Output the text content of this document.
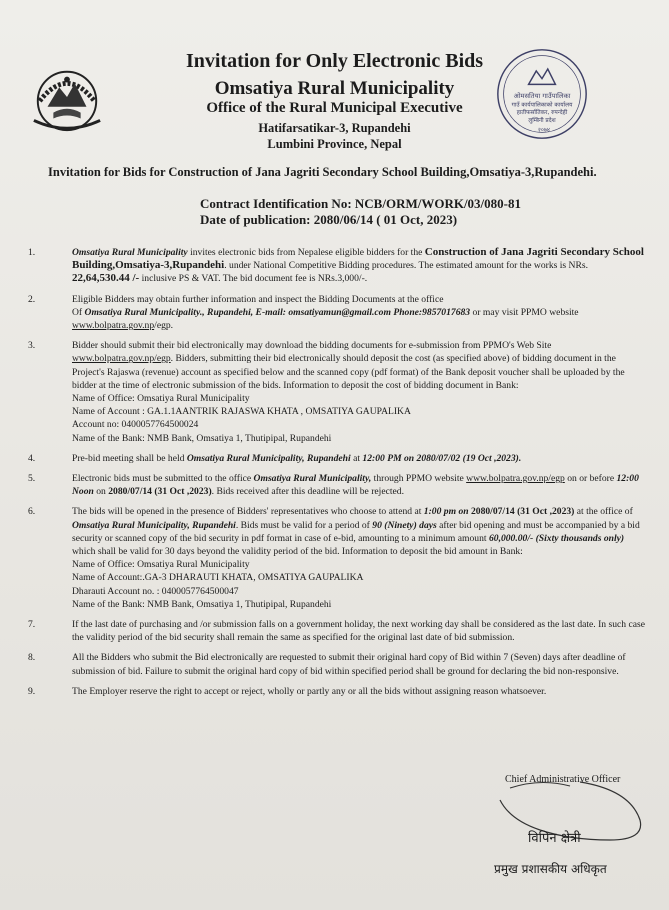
Invitation for Only Electronic Bids
Omsatiya Rural Municipality
Office of the Rural Municipal Executive
Hatifarsatikar-3, Rupandehi
Lumbini Province, Nepal
ओमसतिया गाउँपालिका
गाउँ कार्यपालिकाको कार्यालय
हातीफर्सातिकर, रुपन्देही
लुम्बिनी प्रदेश
२०७४
Invitation for Bids for Construction of Jana Jagriti Secondary School Building,Omsatiya-3,Rupandehi.
Contract Identification No: NCB/ORM/WORK/03/080-81
Date of publication: 2080/06/14 ( 01 Oct, 2023)
1.	Omsatiya Rural Municipality invites electronic bids from Nepalese eligible bidders for the Construction of Jana Jagriti Secondary School Building,Omsatiya-3,Rupandehi. under National Competitive Bidding procedures. The estimated amount for the works is NRs. 22,64,530.44 /- inclusive PS & VAT. The bid document fee is NRs.3,000/-.

2.	Eligible Bidders may obtain further information and inspect the Bidding Documents at the office

Of Omsatiya Rural Municipality., Rupandehi, E-mail: omsatiyamun@gmail.com Phone:9857017683 or may visit PPMO website

www.bolpatra.gov.np/egp.

3.	Bidder should submit their bid electronically may download the bidding documents for e-submission from PPMO's Web Site www.bolpatra.gov.np/egp. Bidders, submitting their bid electronically should deposit the cost (as specified above) of bidding document in the Project's Rajaswa (revenue) account as specified below and the scanned copy (pdf format) of the Bank deposit voucher shall be uploaded by the bidder at the time of electronic submission of the bids. Information to deposit the cost of bidding document in Bank:

Name of Office: Omsatiya Rural Municipality

Name of Account : GA.1.1AANTRIK RAJASWA KHATA , OMSATIYA GAUPALIKA

Account no: 0400057764500024

Name of the Bank: NMB Bank, Omsatiya 1, Thutipipal, Rupandehi

4.	Pre-bid meeting shall be held Omsatiya Rural Municipality, Rupandehi at 12:00 PM on 2080/07/02 (19 Oct ,2023).

5.	Electronic bids must be submitted to the office Omsatiya Rural Municipality, through PPMO website www.bolpatra.gov.np/egp on or before 12:00 Noon on 2080/07/14 (31 Oct ,2023). Bids received after this deadline will be rejected.

6.	The bids will be opened in the presence of Bidders' representatives who choose to attend at 1:00 pm on 2080/07/14 (31 Oct ,2023) at the office of Omsatiya Rural Municipality, Rupandehi. Bids must be valid for a period of 90 (Ninety) days after bid opening and must be accompanied by a bid security or scanned copy of the bid security in pdf format in case of e-bid, amounting to a minimum amount 60,000.00/- (Sixty thousands only) which shall be valid for 30 days beyond the validity period of the bid. Information to deposit the bid amount in Bank:

Name of Office: Omsatiya Rural Municipality

Name of Account:.GA-3 DHARAUTI KHATA, OMSATIYA GAUPALIKA

Dharauti Account no. : 0400057764500047

Name of the Bank: NMB Bank, Omsatiya 1, Thutipipal, Rupandehi

7.	If the last date of purchasing and /or submission falls on a government holiday, the next working day shall be considered as the last date. In such case the validity period of the bid security shall remain the same as specified for the original last date of bid submission.

8.	All the Bidders who submit the Bid electronically are requested to submit their original hard copy of Bid within 7 (Seven) days after deadline of submission of bid. Failure to submit the original hard copy of bid within specified period shall be ground for declaring the bid non-responsive.

9.	The Employer reserve the right to accept or reject, wholly or partly any or all the bids without assigning reason whatsoever.

Chief Administrative Officer
विपिन क्षेत्री
प्रमुख प्रशासकीय अधिकृत
